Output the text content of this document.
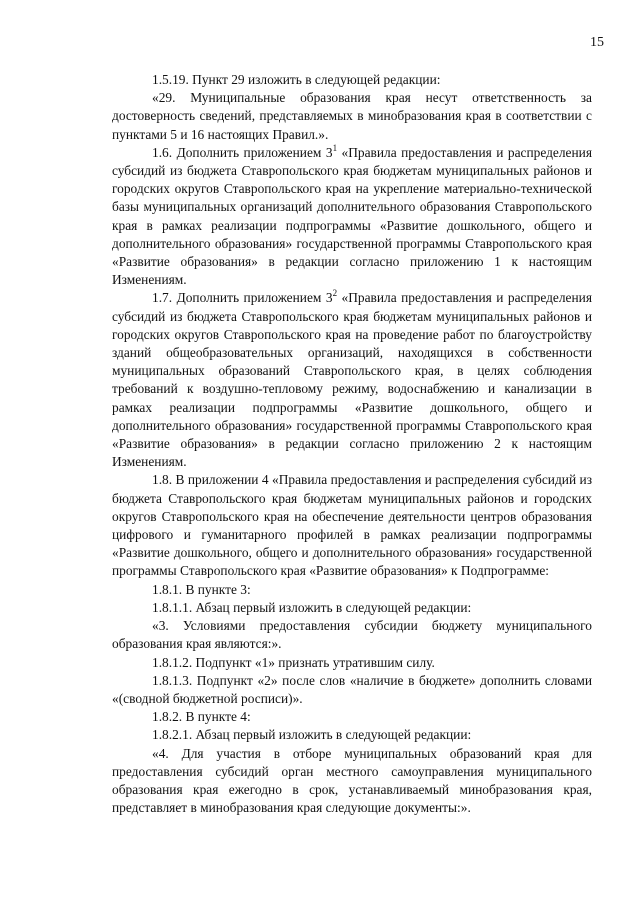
15

1.5.19. Пункт 29 изложить в следующей редакции:

«29. Муниципальные образования края несут ответственность за достоверность сведений, представляемых в минобразования края в соответствии с пунктами 5 и 16 настоящих Правил.».

1.6. Дополнить приложением $3^1$ «Правила предоставления и распределения субсидий из бюджета Ставропольского края бюджетам муниципальных районов и городских округов Ставропольского края на укрепление материально-технической базы муниципальных организаций дополнительного образования Ставропольского края в рамках реализации подпрограммы «Развитие дошкольного, общего и дополнительного образования» государственной программы Ставропольского края «Развитие образования» в редакции согласно приложению 1 к настоящим Изменениям.

1.7. Дополнить приложением $3^2$ «Правила предоставления и распределения субсидий из бюджета Ставропольского края бюджетам муниципальных районов и городских округов Ставропольского края на проведение работ по благоустройству зданий общеобразовательных организаций, находящихся в собственности муниципальных образований Ставропольского края, в целях соблюдения требований к воздушно-тепловому режиму, водоснабжению и канализации в рамках реализации подпрограммы «Развитие дошкольного, общего и дополнительного образования» государственной программы Ставропольского края «Развитие образования» в редакции согласно приложению 2 к настоящим Изменениям.

1.8. В приложении 4 «Правила предоставления и распределения субсидий из бюджета Ставропольского края бюджетам муниципальных районов и городских округов Ставропольского края на обеспечение деятельности центров образования цифрового и гуманитарного профилей в рамках реализации подпрограммы «Развитие дошкольного, общего и дополнительного образования» государственной программы Ставропольского края «Развитие образования» к Подпрограмме:

1.8.1. В пункте 3:

1.8.1.1. Абзац первый изложить в следующей редакции:

«3. Условиями предоставления субсидии бюджету муниципального образования края являются:».

1.8.1.2. Подпункт «1» признать утратившим силу.

1.8.1.3. Подпункт «2» после слов «наличие в бюджете» дополнить словами «(сводной бюджетной росписи)».

1.8.2. В пункте 4:

1.8.2.1. Абзац первый изложить в следующей редакции:

«4. Для участия в отборе муниципальных образований края для предоставления субсидий орган местного самоуправления муниципального образования края ежегодно в срок, устанавливаемый минобразования края, представляет в минобразования края следующие документы:».
